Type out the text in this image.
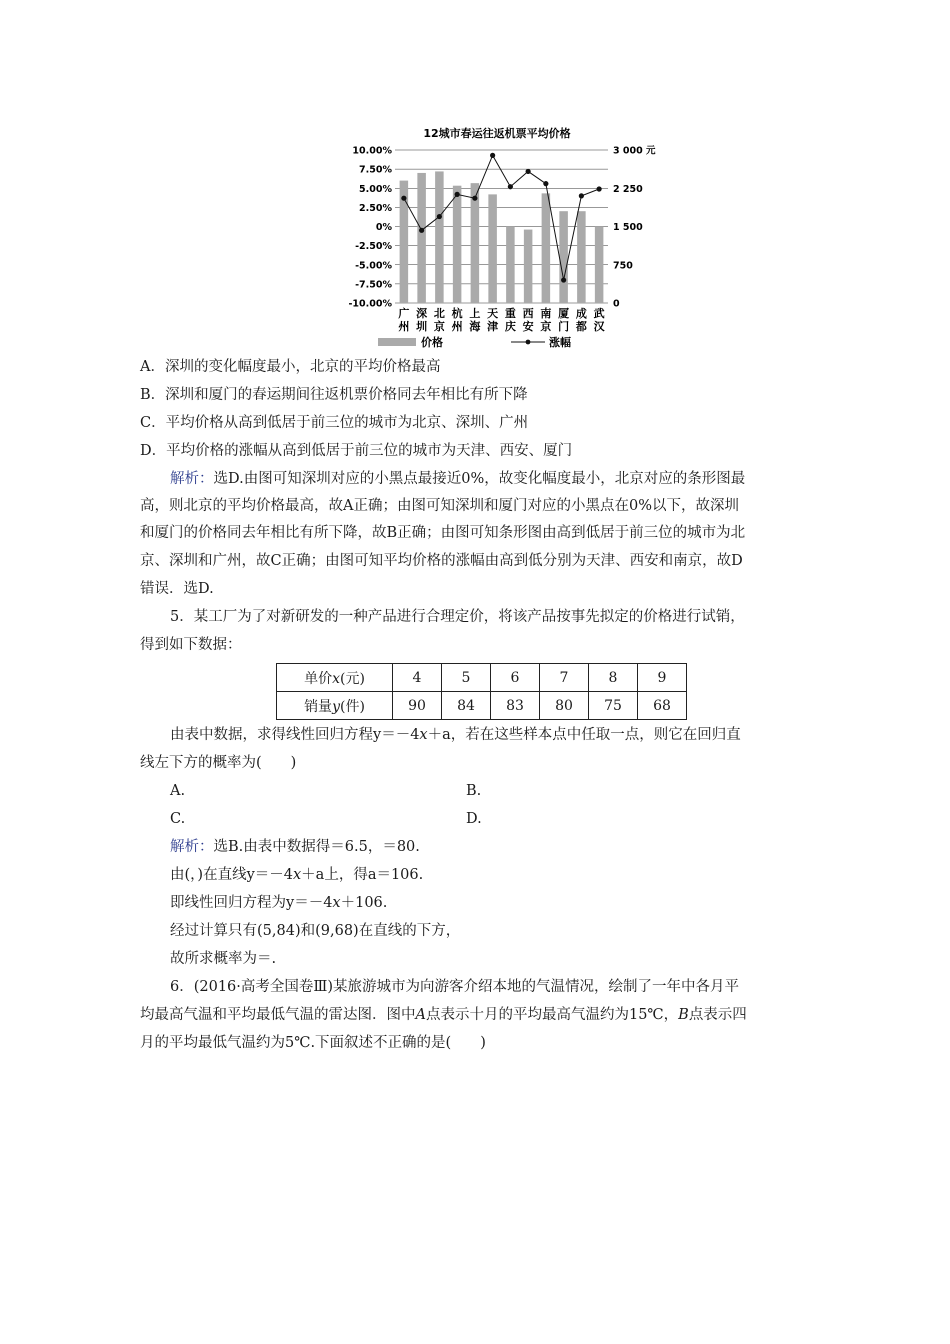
12城市春运往返机票平均价格
10.00%
7.50%
5.00%
2.50%
0%
-2.50%
-5.00%
-7.50%
-10.00%
3 000 元
2 250
1 500
750
0
广
州
深
圳
北
京
杭
州
上
海
天
津
重
庆
西
安
南
京
厦
门
成
都
武
汉
价格	涨幅
A．深圳的变化幅度最小，北京的平均价格最高
B．深圳和厦门的春运期间往返机票价格同去年相比有所下降
C．平均价格从高到低居于前三位的城市为北京、深圳、广州
D．平均价格的涨幅从高到低居于前三位的城市为天津、西安、厦门
解析：选D.由图可知深圳对应的小黑点最接近0%，故变化幅度最小，北京对应的条形图最
高，则北京的平均价格最高，故A正确；由图可知深圳和厦门对应的小黑点在0%以下，故深圳
和厦门的价格同去年相比有所下降，故B正确；由图可知条形图由高到低居于前三位的城市为北
京、深圳和广州，故C正确；由图可知平均价格的涨幅由高到低分别为天津、西安和南京，故D
错误．选D.
5．某工厂为了对新研发的一种产品进行合理定价，将该产品按事先拟定的价格进行试销，
得到如下数据：
单价x(元)	4	5	6	7	8	9
销量y(件)	90	84	83	80	75	68
由表中数据，求得线性回归方程y＝－4x＋a，若在这些样本点中任取一点，则它在回归直
线左下方的概率为(　　)
A.	B.
C.	D.
解析：选B.由表中数据得＝6.5，＝80.
由(，)在直线y＝－4x＋a上，得a＝106.
即线性回归方程为y＝－4x＋106.
经过计算只有(5,84)和(9,68)在直线的下方，
故所求概率为＝.
6．(2016·高考全国卷Ⅲ)某旅游城市为向游客介绍本地的气温情况，绘制了一年中各月平
均最高气温和平均最低气温的雷达图．图中A点表示十月的平均最高气温约为15℃，B点表示四
月的平均最低气温约为5℃.下面叙述不正确的是(　　)
